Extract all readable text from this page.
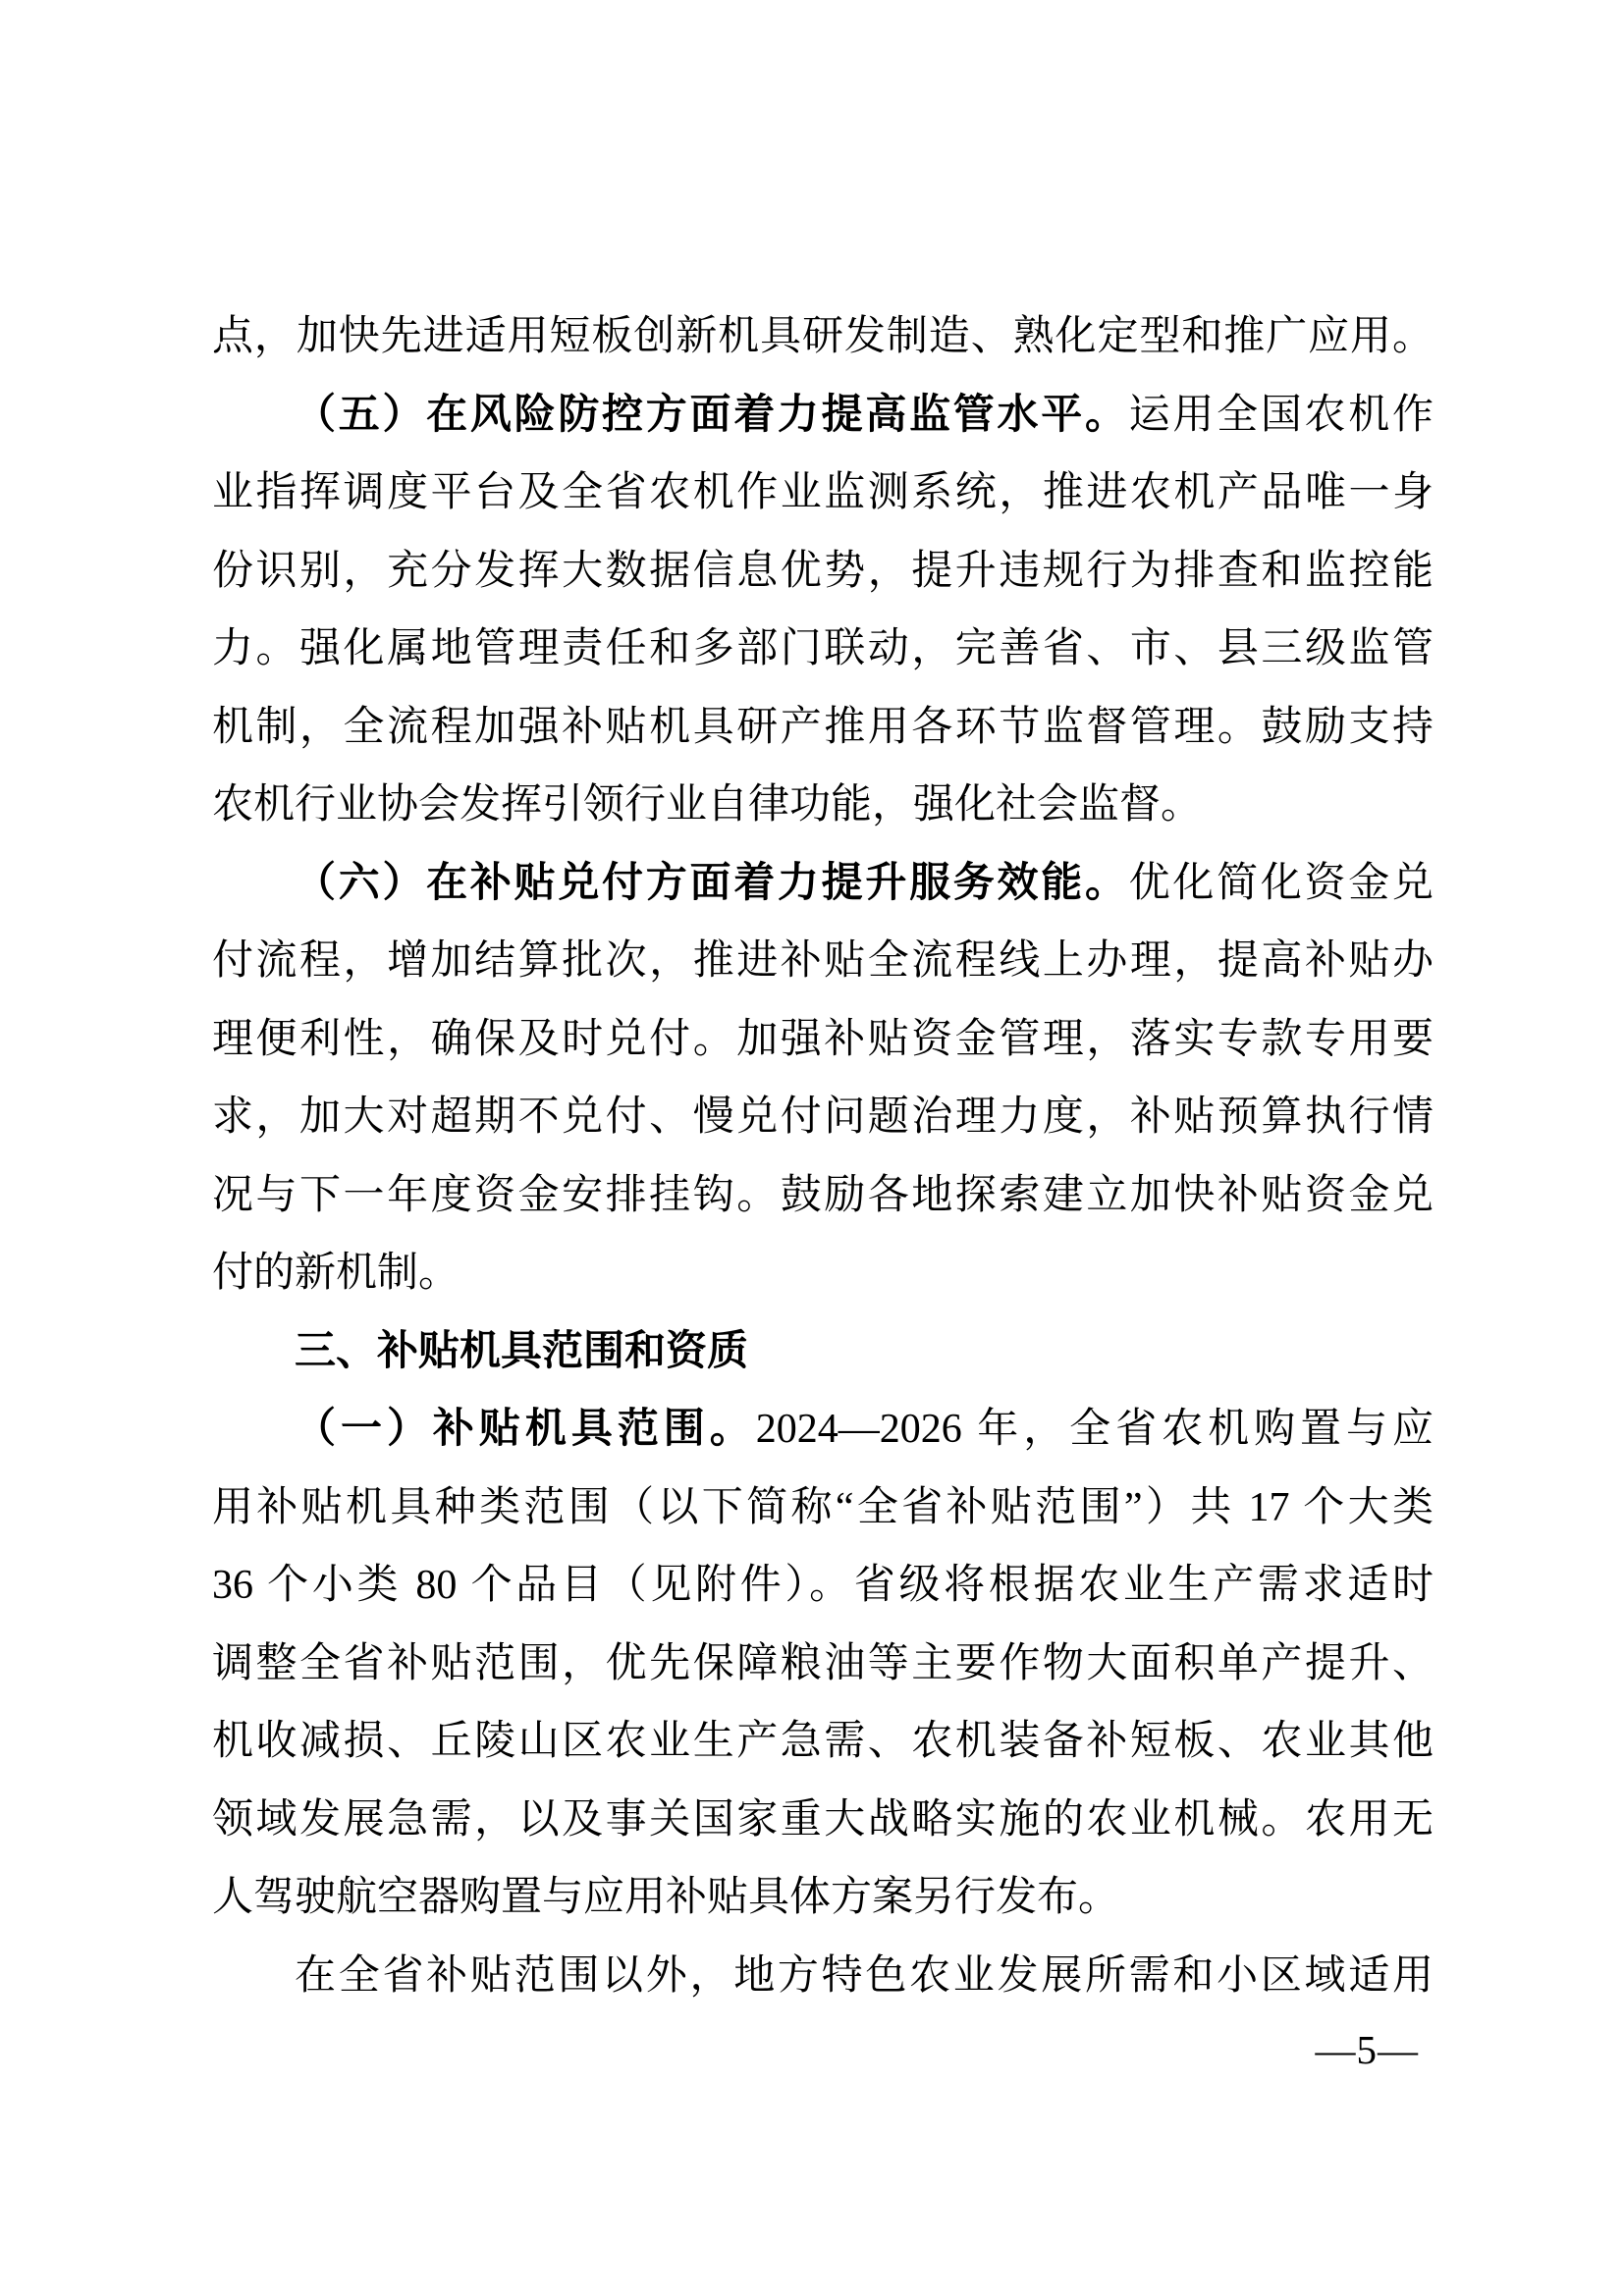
点，加快先进适用短板创新机具研发制造、熟化定型和推广应用。
（五）在风险防控方面着力提高监管水平。运用全国农机作
业指挥调度平台及全省农机作业监测系统，推进农机产品唯一身
份识别，充分发挥大数据信息优势，提升违规行为排查和监控能
力。强化属地管理责任和多部门联动，完善省、市、县三级监管
机制，全流程加强补贴机具研产推用各环节监督管理。鼓励支持
农机行业协会发挥引领行业自律功能，强化社会监督。
（六）在补贴兑付方面着力提升服务效能。优化简化资金兑
付流程，增加结算批次，推进补贴全流程线上办理，提高补贴办
理便利性，确保及时兑付。加强补贴资金管理，落实专款专用要
求，加大对超期不兑付、慢兑付问题治理力度，补贴预算执行情
况与下一年度资金安排挂钩。鼓励各地探索建立加快补贴资金兑
付的新机制。
三、补贴机具范围和资质
（一）补贴机具范围。2024—2026 年，全省农机购置与应
用补贴机具种类范围（以下简称“全省补贴范围”）共 17 个大类
36 个小类 80 个品目（见附件）。省级将根据农业生产需求适时
调整全省补贴范围，优先保障粮油等主要作物大面积单产提升、
机收减损、丘陵山区农业生产急需、农机装备补短板、农业其他
领域发展急需，以及事关国家重大战略实施的农业机械。农用无
人驾驶航空器购置与应用补贴具体方案另行发布。
在全省补贴范围以外，地方特色农业发展所需和小区域适用
—5—
